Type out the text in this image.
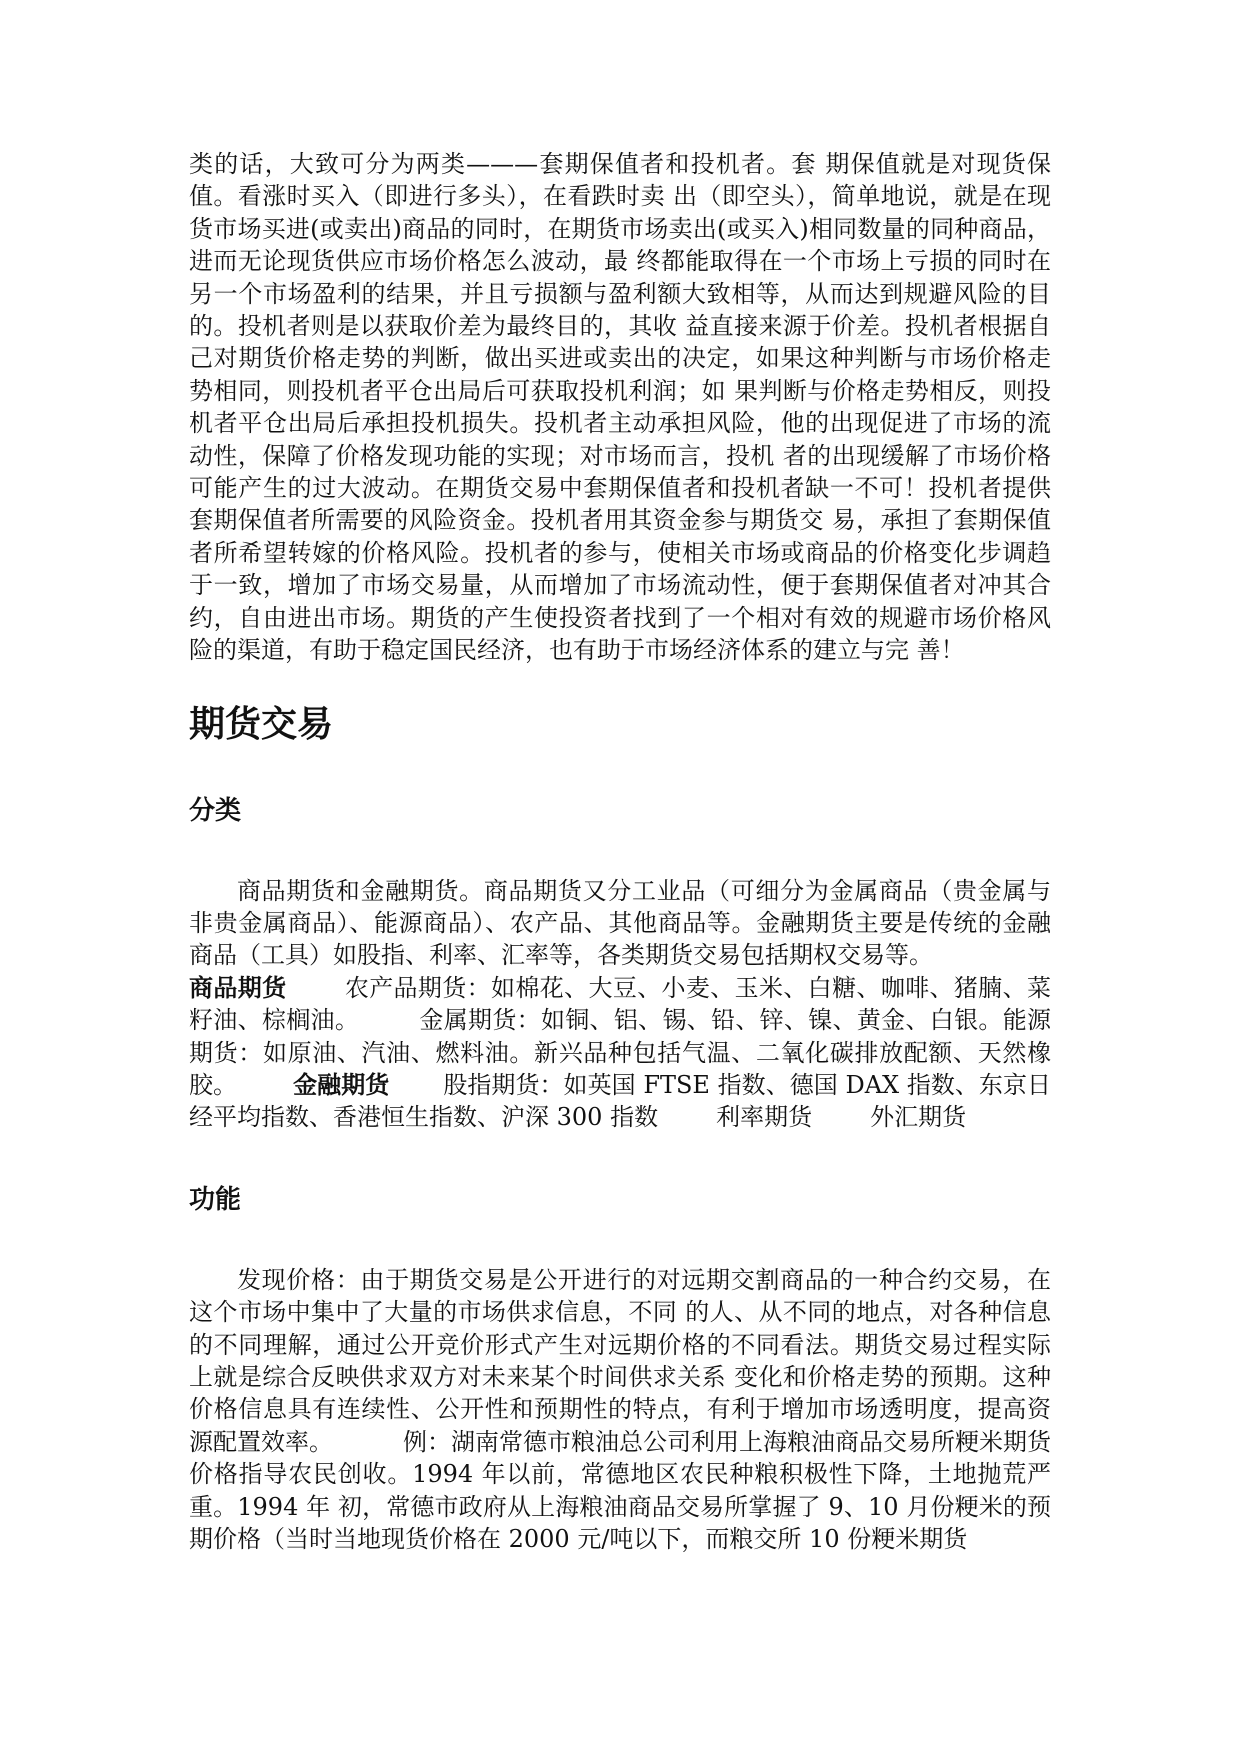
类的话，大致可分为两类———套期保值者和投机者。套 期保值就是对现货保值。看涨时买入（即进行多头），在看跌时卖 出（即空头），简单地说，就是在现货市场买进(或卖出)商品的同时，在期货市场卖出(或买入)相同数量的同种商品，进而无论现货供应市场价格怎么波动，最 终都能取得在一个市场上亏损的同时在另一个市场盈利的结果，并且亏损额与盈利额大致相等，从而达到规避风险的目的。投机者则是以获取价差为最终目的，其收 益直接来源于价差。投机者根据自己对期货价格走势的判断，做出买进或卖出的决定，如果这种判断与市场价格走势相同，则投机者平仓出局后可获取投机利润；如 果判断与价格走势相反，则投机者平仓出局后承担投机损失。投机者主动承担风险，他的出现促进了市场的流动性，保障了价格发现功能的实现；对市场而言，投机 者的出现缓解了市场价格可能产生的过大波动。在期货交易中套期保值者和投机者缺一不可！投机者提供套期保值者所需要的风险资金。投机者用其资金参与期货交 易，承担了套期保值者所希望转嫁的价格风险。投机者的参与，使相关市场或商品的价格变化步调趋于一致，增加了市场交易量，从而增加了市场流动性，便于套期保值者对冲其合约，自由进出市场。期货的产生使投资者找到了一个相对有效的规避市场价格风险的渠道，有助于稳定国民经济，也有助于市场经济体系的建立与完 善！

期货交易
分类

商品期货和金融期货。商品期货又分工业品（可细分为金属商品（贵金属与非贵金属商品）、能源商品）、农产品、其他商品等。金融期货主要是传统的金融商品（工具）如股指、利率、汇率等，各类期货交易包括期权交易等。
商品期货 农产品期货：如棉花、大豆、小麦、玉米、白糖、咖啡、猪腩、菜籽油、棕榈油。	金属期货：如铜、铝、锡、铅、锌、镍、黄金、白银。能源期货：如原油、汽油、燃料油。新兴品种包括气温、二氧化碳排放配额、天然橡胶。 金融期货 股指期货：如英国 FTSE 指数、德国 DAX 指数、东京日经平均指数、香港恒生指数、沪深 300 指数 利率期货 外汇期货

功能

发现价格：由于期货交易是公开进行的对远期交割商品的一种合约交易，在这个市场中集中了大量的市场供求信息，不同 的人、从不同的地点，对各种信息的不同理解，通过公开竞价形式产生对远期价格的不同看法。期货交易过程实际上就是综合反映供求双方对未来某个时间供求关系 变化和价格走势的预期。这种价格信息具有连续性、公开性和预期性的特点，有利于增加市场透明度，提高资源配置效率。	例：湖南常德市粮油总公司利用上海粮油商品交易所粳米期货价格指导农民创收。1994 年以前，常德地区农民种粮积极性下降，土地抛荒严重。1994 年 初，常德市政府从上海粮油商品交易所掌握了 9、10 月份粳米的预期价格（当时当地现货价格在 2000 元/吨以下，而粮交所 10 份粳米期货
